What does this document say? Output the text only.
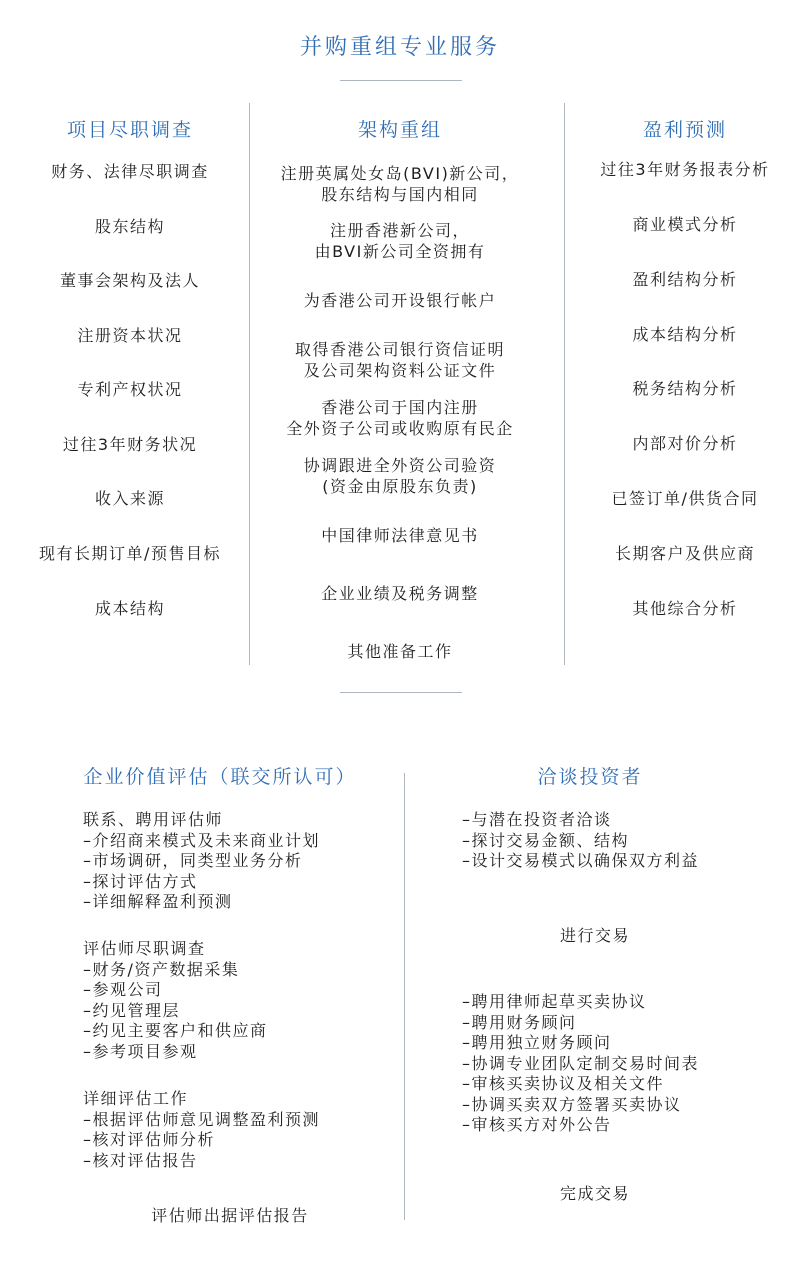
并购重组专业服务
项目尽职调查
财务、法律尽职调查
股东结构
董事会架构及法人
注册资本状况
专利产权状况
过往3年财务状况
收入来源
现有长期订单/预售目标
成本结构
架构重组
注册英属处女岛(BVI)新公司，
股东结构与国内相同
注册香港新公司，
由BVI新公司全资拥有
为香港公司开设银行帐户
取得香港公司银行资信证明
及公司架构资料公证文件
香港公司于国内注册
全外资子公司或收购原有民企
协调跟进全外资公司验资
(资金由原股东负责)
中国律师法律意见书
企业业绩及税务调整
其他准备工作
盈利预测
过往3年财务报表分析
商业模式分析
盈利结构分析
成本结构分析
税务结构分析
内部对价分析
已签订单/供货合同
长期客户及供应商
其他综合分析
企业价值评估（联交所认可）
联系、聘用评估师
–介绍商来模式及未来商业计划
–市场调研，同类型业务分析
–探讨评估方式
–详细解释盈利预测
评估师尽职调查
–财务/资产数据采集
–参观公司
–约见管理层
–约见主要客户和供应商
–参考项目参观
详细评估工作
–根据评估师意见调整盈利预测
–核对评估师分析
–核对评估报告
评估师出据评估报告
洽谈投资者
–与潜在投资者洽谈
–探讨交易金额、结构
–设计交易模式以确保双方利益
进行交易
–聘用律师起草买卖协议
–聘用财务顾问
–聘用独立财务顾问
–协调专业团队定制交易时间表
–审核买卖协议及相关文件
–协调买卖双方签署买卖协议
–审核买方对外公告
完成交易
